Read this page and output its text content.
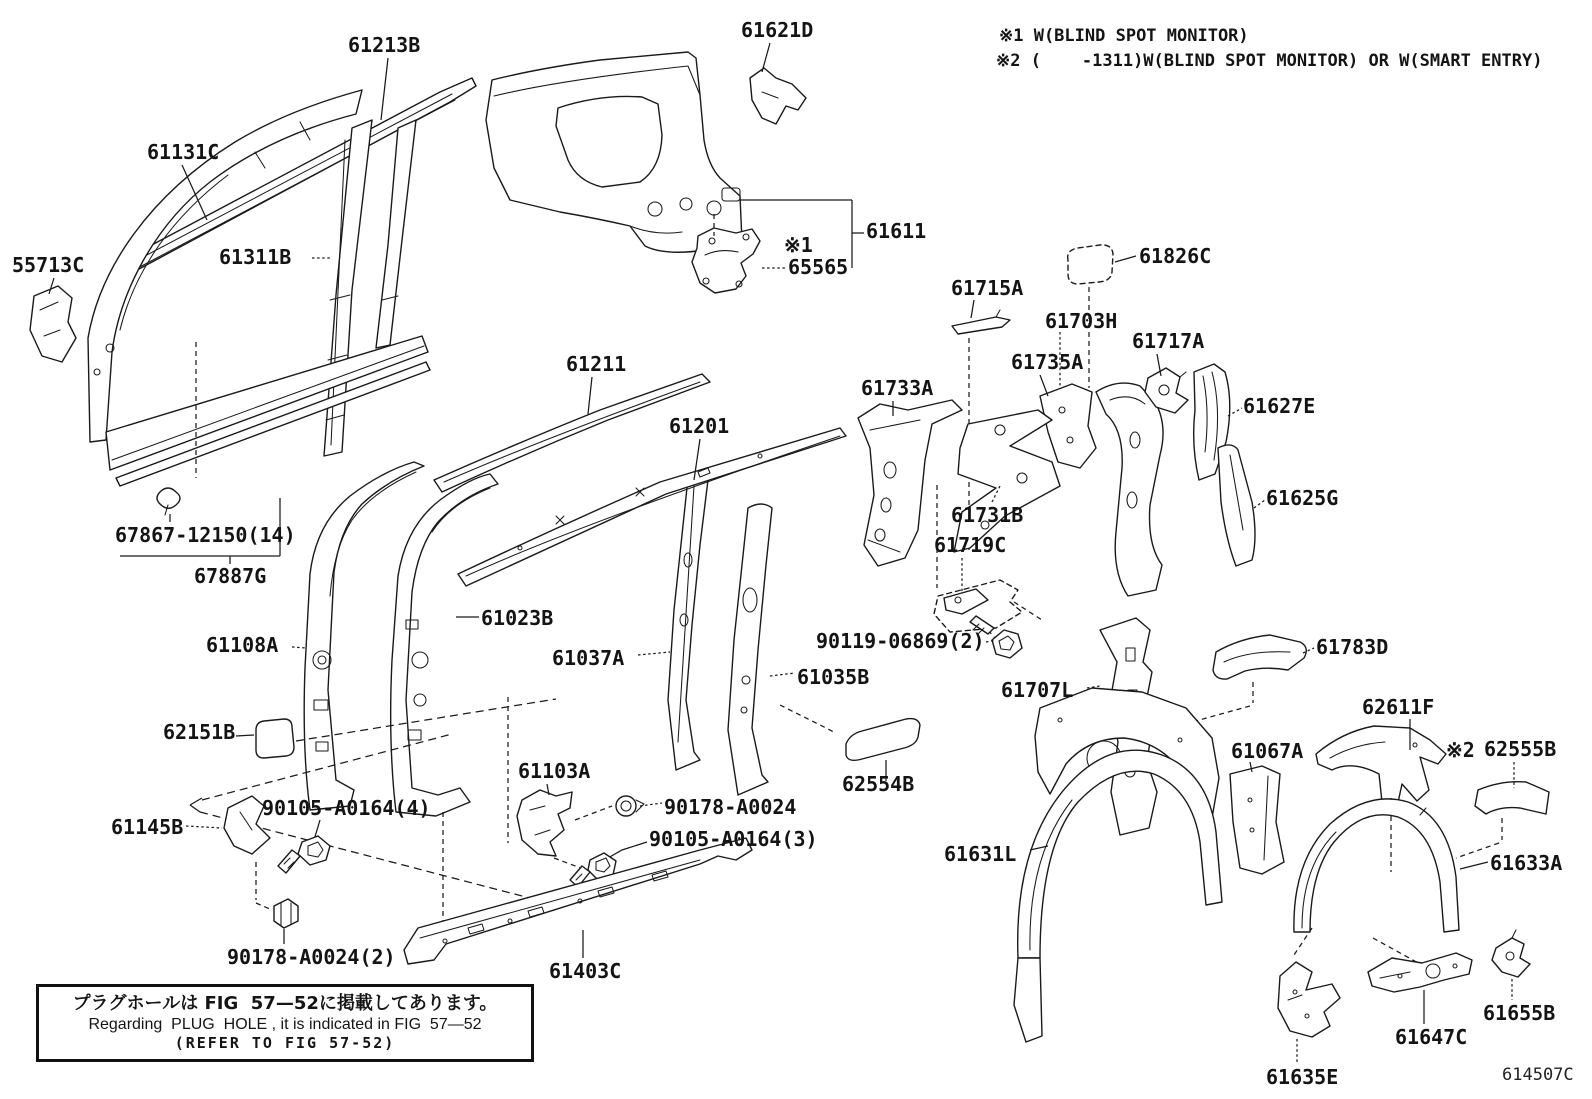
61213B
61621D
61131C
55713C	61311B
61611
※1
65565	61826C
61715A
61703H
61735A
61717A
61627E
61625G
61733A
61731B
61211
61201
61719C
90119-06869(2)
67867-12150(14)
67887G
61108A
61023B
61037A
61035B
62151B
90105-A0164(4)
61145B
61103A
90178-A0024
90105-A0164(3)
62554B
90178-A0024(2)
61403C
61707L
61783D
62611F
61067A	※2 62555B
61633A
61631L
61655B
61647C
61635E
※1 W(BLIND SPOT MONITOR)
※2 (    -1311)W(BLIND SPOT MONITOR) OR W(SMART ENTRY)
プラグホールは FIG  57—52に掲載してあります。
Regarding  PLUG  HOLE , it is indicated in FIG  57—52
(REFER TO FIG 57-52)
614507C
